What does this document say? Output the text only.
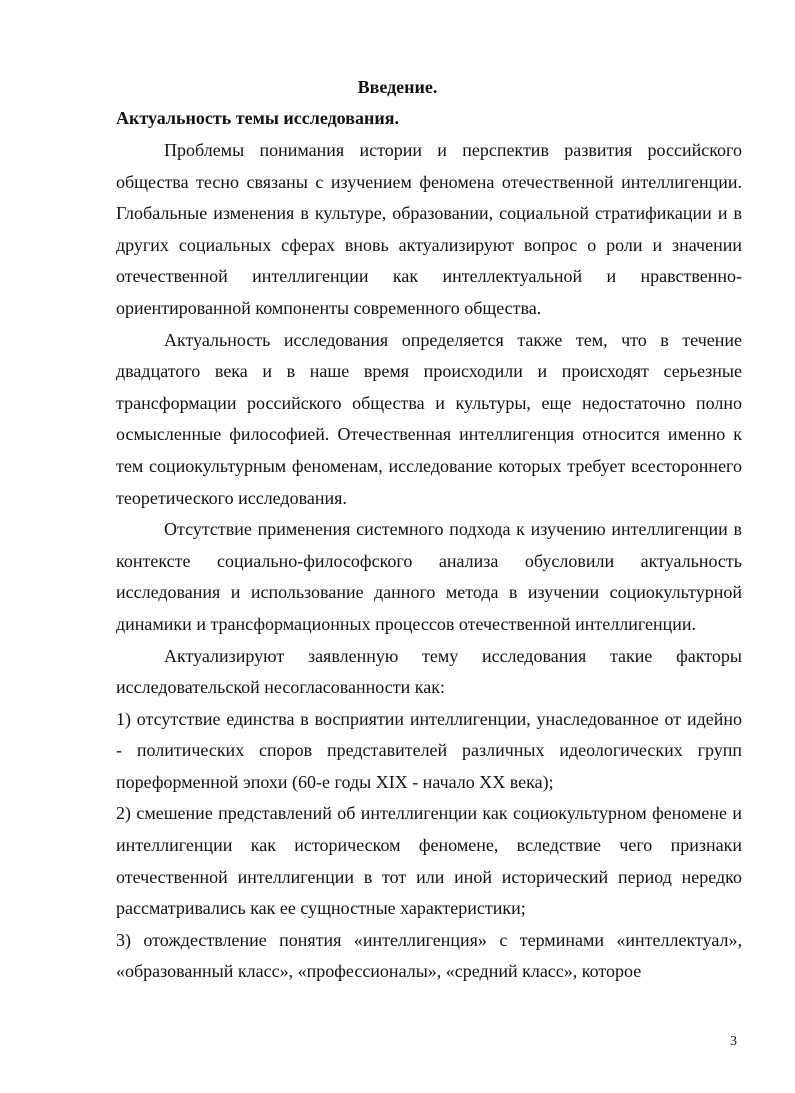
Введение.
Актуальность темы исследования.

Проблемы понимания истории и перспектив развития российского общества тесно связаны с изучением феномена отечественной интеллигенции. Глобальные изменения в культуре, образовании, социальной стратификации и в других социальных сферах вновь актуализируют вопрос о роли и значении отечественной интеллигенции как интеллектуальной и нравственно-ориентированной компоненты современного общества.

Актуальность исследования определяется также тем, что в течение двадцатого века и в наше время происходили и происходят серьезные трансформации российского общества и культуры, еще недостаточно полно осмысленные философией. Отечественная интеллигенция относится именно к тем социокультурным феноменам, исследование которых требует всестороннего теоретического исследования.

Отсутствие применения системного подхода к изучению интеллигенции в контексте социально-философского анализа обусловили актуальность исследования и использование данного метода в изучении социокультурной динамики и трансформационных процессов отечественной интеллигенции.

Актуализируют заявленную тему исследования такие факторы исследовательской несогласованности как:

1) отсутствие единства в восприятии интеллигенции, унаследованное от идейно - политических споров представителей различных идеологических групп пореформенной эпохи (60-е годы XIX - начало XX века);

2) смешение представлений об интеллигенции как социокультурном феномене и интеллигенции как историческом феномене, вследствие чего признаки отечественной интеллигенции в тот или иной исторический период нередко рассматривались как ее сущностные характеристики;

3) отождествление понятия «интеллигенция» с терминами «интеллектуал», «образованный класс», «профессионалы», «средний класс», которое

3
